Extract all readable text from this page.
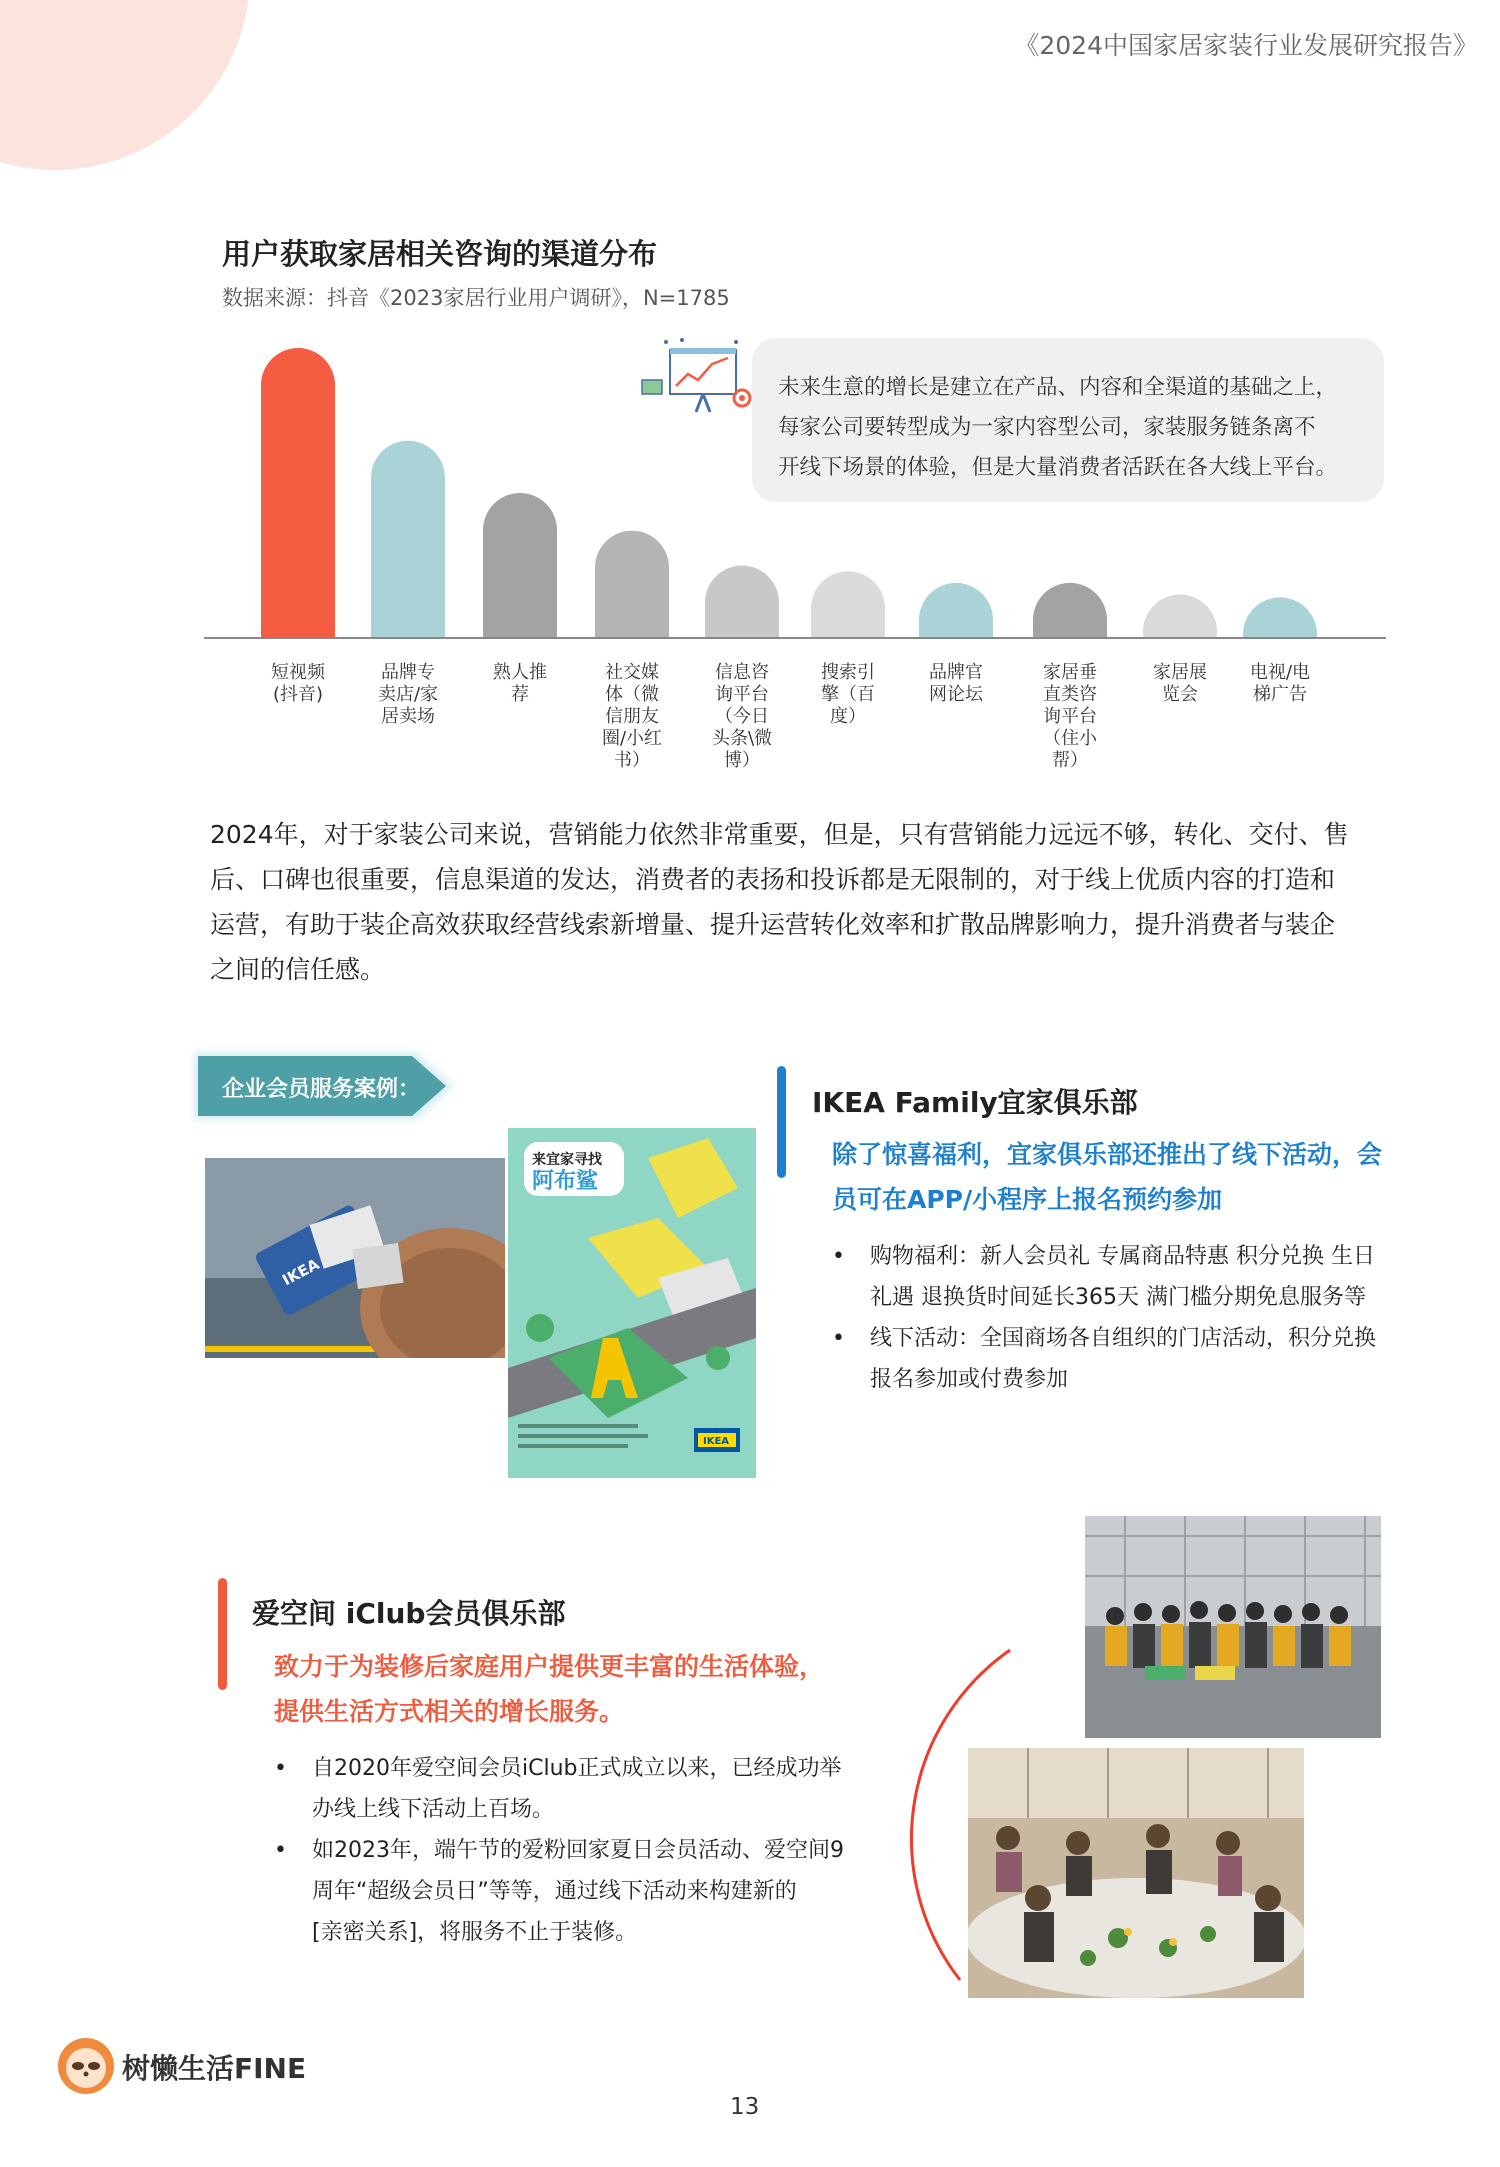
《2024中国家居家装行业发展研究报告》
用户获取家居相关咨询的渠道分布
数据来源：抖音《2023家居行业用户调研》，N=1785
短视频(抖音)
品牌专卖店/家居卖场
熟人推荐
社交媒体（微信朋友圈/小红书）
信息咨询平台（今日头条\微博）
搜索引擎（百度）
品牌官网论坛
家居垂直类咨询平台（住小帮）
家居展览会
电视/电梯广告
未来生意的增长是建立在产品、内容和全渠道的基础之上，
每家公司要转型成为一家内容型公司，家装服务链条离不
开线下场景的体验，但是大量消费者活跃在各大线上平台。
2024年，对于家装公司来说，营销能力依然非常重要，但是，只有营销能力远远不够，转化、交付、售
后、口碑也很重要，信息渠道的发达，消费者的表扬和投诉都是无限制的，对于线上优质内容的打造和
运营，有助于装企高效获取经营线索新增量、提升运营转化效率和扩散品牌影响力，提升消费者与装企
之间的信任感。
企业会员服务案例：
IKEA
来宜家寻找
阿布鲨
IKEA
IKEA Family宜家俱乐部
除了惊喜福利，宜家俱乐部还推出了线下活动，会
员可在APP/小程序上报名预约参加
• 购物福利：新人会员礼 专属商品特惠 积分兑换 生日
礼遇 退换货时间延长365天 满门槛分期免息服务等
• 线下活动：全国商场各自组织的门店活动，积分兑换
报名参加或付费参加
爱空间 iClub会员俱乐部
致力于为装修后家庭用户提供更丰富的生活体验，
提供生活方式相关的增长服务。
• 自2020年爱空间会员iClub正式成立以来，已经成功举
办线上线下活动上百场。
• 如2023年，端午节的爱粉回家夏日会员活动、爱空间9
周年“超级会员日”等等，通过线下活动来构建新的
[亲密关系]，将服务不止于装修。
树懒生活FINE
13
